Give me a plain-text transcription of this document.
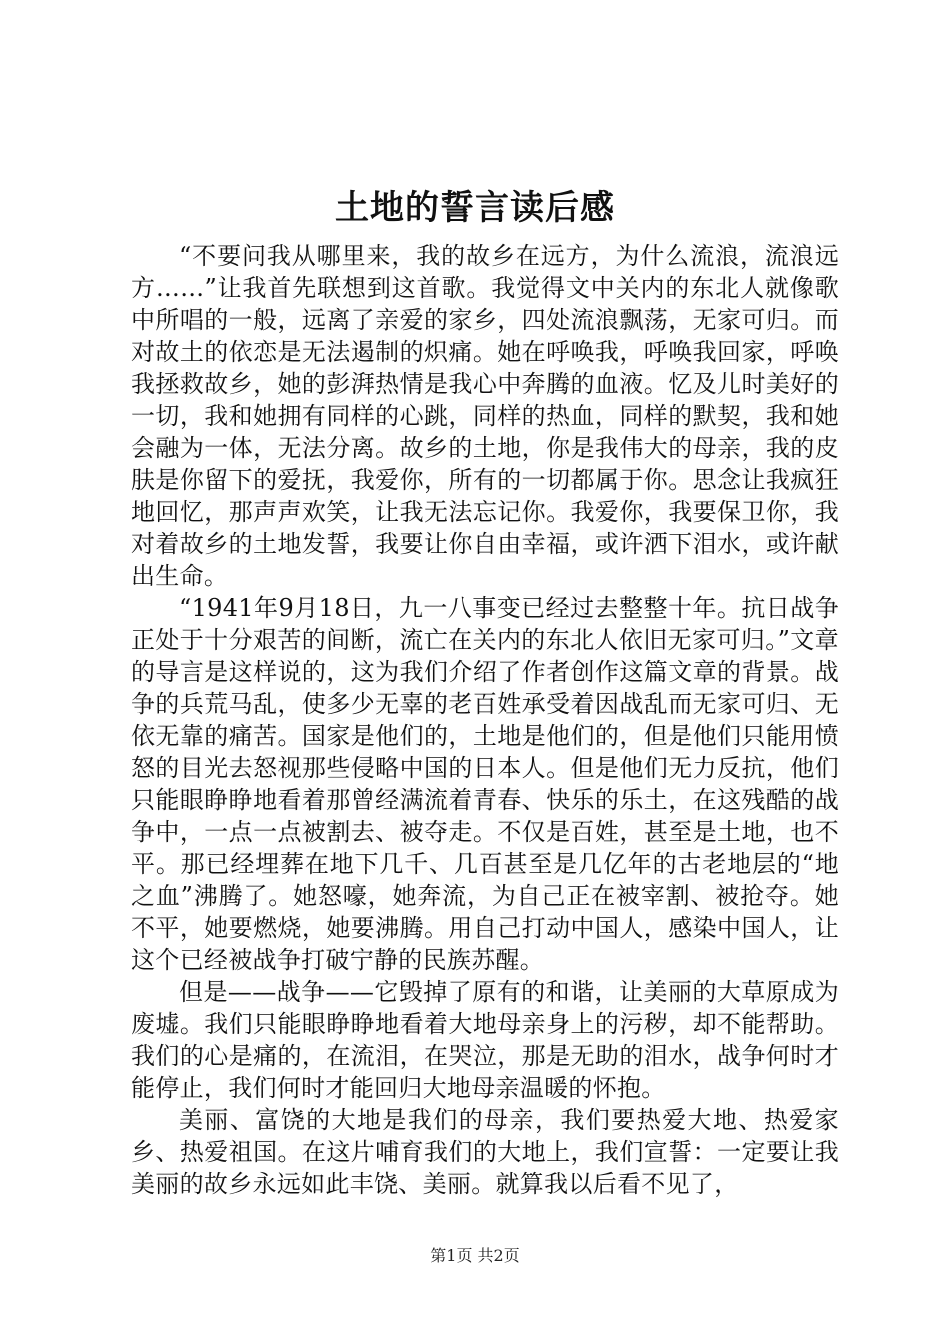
土地的誓言读后感

“不要问我从哪里来，我的故乡在远方，为什么流浪，流浪远方……”让我首先联想到这首歌。我觉得文中关内的东北人就像歌中所唱的一般，远离了亲爱的家乡，四处流浪飘荡，无家可归。而对故土的依恋是无法遏制的炽痛。她在呼唤我，呼唤我回家，呼唤我拯救故乡，她的彭湃热情是我心中奔腾的血液。忆及儿时美好的一切，我和她拥有同样的心跳，同样的热血，同样的默契，我和她会融为一体，无法分离。故乡的土地，你是我伟大的母亲，我的皮肤是你留下的爱抚，我爱你，所有的一切都属于你。思念让我疯狂地回忆，那声声欢笑，让我无法忘记你。我爱你，我要保卫你，我对着故乡的土地发誓，我要让你自由幸福，或许洒下泪水，或许献出生命。

“1941年9月18日，九一八事变已经过去整整十年。抗日战争正处于十分艰苦的间断，流亡在关内的东北人依旧无家可归。”文章的导言是这样说的，这为我们介绍了作者创作这篇文章的背景。战争的兵荒马乱，使多少无辜的老百姓承受着因战乱而无家可归、无依无靠的痛苦。国家是他们的，土地是他们的，但是他们只能用愤怒的目光去怒视那些侵略中国的日本人。但是他们无力反抗，他们只能眼睁睁地看着那曾经满流着青春、快乐的乐土，在这残酷的战争中，一点一点被割去、被夺走。不仅是百姓，甚至是土地，也不平。那已经埋葬在地下几千、几百甚至是几亿年的古老地层的“地之血”沸腾了。她怒嚎，她奔流，为自己正在被宰割、被抢夺。她不平，她要燃烧，她要沸腾。用自己打动中国人，感染中国人，让这个已经被战争打破宁静的民族苏醒。

但是——战争——它毁掉了原有的和谐，让美丽的大草原成为废墟。我们只能眼睁睁地看着大地母亲身上的污秽，却不能帮助。我们的心是痛的，在流泪，在哭泣，那是无助的泪水，战争何时才能停止，我们何时才能回归大地母亲温暖的怀抱。

美丽、富饶的大地是我们的母亲，我们要热爱大地、热爱家乡、热爱祖国。在这片哺育我们的大地上，我们宣誓：一定要让我美丽的故乡永远如此丰饶、美丽。就算我以后看不见了，

第1页 共2页
